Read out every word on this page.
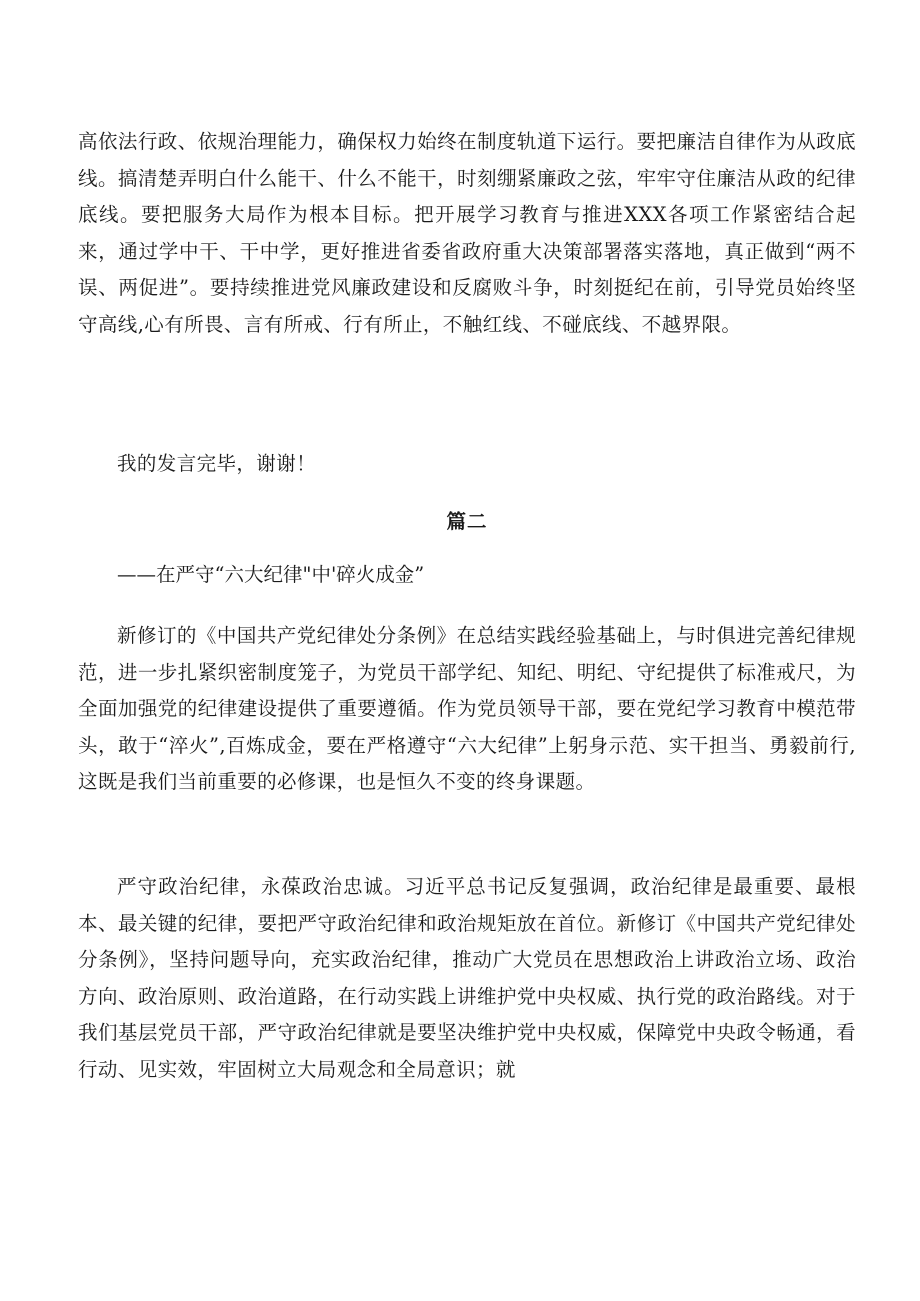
高依法行政、依规治理能力，确保权力始终在制度轨道下运行。要把廉洁自律作为从政底线。搞清楚弄明白什么能干、什么不能干，时刻绷紧廉政之弦，牢牢守住廉洁从政的纪律底线。要把服务大局作为根本目标。把开展学习教育与推进XXX各项工作紧密结合起来，通过学中干、干中学，更好推进省委省政府重大决策部署落实落地，真正做到“两不误、两促进”。要持续推进党风廉政建设和反腐败斗争，时刻挺纪在前，引导党员始终坚守高线,心有所畏、言有所戒、行有所止，不触红线、不碰底线、不越界限。

我的发言完毕，谢谢！

篇二
——在严守“六大纪律"中'碎火成金”

新修订的《中国共产党纪律处分条例》在总结实践经验基础上，与时俱进完善纪律规范，进一步扎紧织密制度笼子，为党员干部学纪、知纪、明纪、守纪提供了标准戒尺，为全面加强党的纪律建设提供了重要遵循。作为党员领导干部，要在党纪学习教育中模范带头，敢于“淬火”,百炼成金，要在严格遵守“六大纪律”上躬身示范、实干担当、勇毅前行,这既是我们当前重要的必修课，也是恒久不变的终身课题。

严守政治纪律，永葆政治忠诚。习近平总书记反复强调，政治纪律是最重要、最根本、最关键的纪律，要把严守政治纪律和政治规矩放在首位。新修订《中国共产党纪律处分条例》，坚持问题导向，充实政治纪律，推动广大党员在思想政治上讲政治立场、政治方向、政治原则、政治道路，在行动实践上讲维护党中央权威、执行党的政治路线。对于我们基层党员干部，严守政治纪律就是要坚决维护党中央权威，保障党中央政令畅通，看行动、见实效，牢固树立大局观念和全局意识；就
